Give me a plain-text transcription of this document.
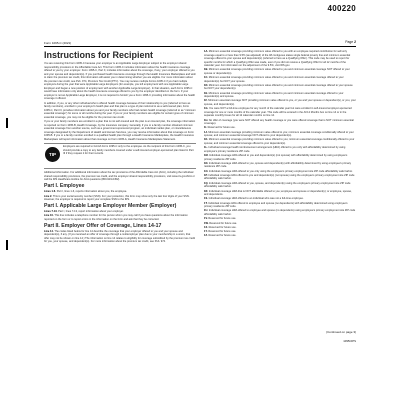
400220
Form 1095-C (2021)	Page 2
Instructions for Recipient
You are receiving this Form 1095-C because your employer is an Applicable Large Employer subject to the employer shared responsibility provisions in the Affordable Care Act. This Form 1095-C includes information about the health insurance coverage offered to you by your employer. Form 1095-C, Part II, includes information about the coverage, if any, your employer offered to you and your spouse and dependent(s). If you purchased health insurance coverage through the Health Insurance Marketplace and wish to claim the premium tax credit, this information will assist you in determining whether you are eligible. For more information about the premium tax credit, see Pub. 974, Premium Tax Credit (PTC). You may receive multiple Forms 1095-C if you had multiple employers during the year that were Applicable Large Employers (for example, you left employment with one Applicable Large Employer and began a new position of employment with another Applicable Large Employer). In that situation, each Form 1095-C would have information only about the health insurance coverage offered to you by the employer identified on the form. If your employer is not an Applicable Large Employer, it is not required to furnish you a Form 1095-C providing information about the health coverage it offered.
In addition, if you, or any other individual who is offered health coverage because of their relationship to you (referred to here as family members), enrolled in your employer's health plan and that plan is a type of plan referred to as a self-insured plan, Form 1095-C, Part III, provides information about you and your family members who had certain health coverage (referred to as "minimum essential coverage") for some or all months during the year. If you or your family members are eligible for certain types of minimum essential coverage, you may not be eligible for the premium tax credit.
If you or your family members are enrolled in a plan that is not self-insured and the plan is an insured plan, the coverage information is reported on Form 1095-B, Health Coverage, by the insurance company. Generally, if you or a family member obtained minimum essential coverage from another source, such as a government-sponsored program, an individual market plan, or miscellaneous coverage designated by the Department of Health and Human Services, you may receive information about that coverage on Form 1095-B. If you or a family member enrolled in a qualified health plan through a Health Insurance Marketplace, the Health Insurance Marketplace will report information about that coverage on Form 1095-A, Health Insurance Marketplace Statement.
TIP
Employers are required to furnish Form 1095-C only to the employee. As the recipient of this Form 1095-C, you should provide a copy to any family members covered under a self-insured employer-sponsored plan listed in Part III if they request it for their records.
Additional information. For additional information about the tax provisions of the Affordable Care Act (ACA), including the individual shared responsibility provisions, the premium tax credit, and the employer shared responsibility provisions, visit www.irs.gov/ACA or call the IRS Healthcare Hotline for ACA questions (800-919-0452).
Part I. Employee
Lines 1-6. Part I, lines 1-6, reports information about you, the employee.
Line 2. This is your social security number (SSN). For your protection, this form may show only the last four digits of your SSN. However, the employer is required to report your complete SSN to the IRS.
Part I. Applicable Large Employer Member (Employer)
Lines 7-13. Part I, lines 7-13, report information about your employer.
Line 10. This line includes a telephone number for the person whom you may call if you have questions about the information reported on the form or to report errors in the information on the form and ask that they be corrected.
Part II. Employer Offer of Coverage, Lines 14-17
Line 14. The codes listed below for line 14 describe the coverage that your employer offered to you and your spouse and dependent(s), if any. (If you received an offer of coverage through a multiemployer plan due to your membership in a union, that offer may not be shown on line 14.) The information on line 14 relates to eligibility for coverage subsidized by the premium tax credit for you, your spouse, and dependent(s). For more information about the premium tax credit, see Pub. 974.
1A. Minimum essential coverage providing minimum value offered to you with an employee required contribution for self-only coverage equal to or less than 9.5% (as adjusted) of the 48 contiguous states single federal poverty line and minimum essential coverage offered to your spouse and dependent(s) (referred to here as a Qualifying Offer). This code may be used to report for specific months for which a Qualifying Offer was made, even if you did not receive a Qualifying Offer for all 12 months of the calendar year. For information on the adjustment of the 9.5%, visit IRS.gov.
1B. Minimum essential coverage providing minimum value offered to you and minimum essential coverage NOT offered to your spouse or dependent(s).
1C. Minimum essential coverage providing minimum value offered to you and minimum essential coverage offered to your dependent(s) but NOT your spouse.
1D. Minimum essential coverage providing minimum value offered to you and minimum essential coverage offered to your spouse but NOT your dependent(s).
1E. Minimum essential coverage providing minimum value offered to you and minimum essential coverage offered to your dependent(s) and spouse.
1F. Minimum essential coverage NOT providing minimum value offered to you, or you and your spouse or dependent(s), or you, your spouse, and dependent(s).
1G. You were NOT a full-time employee for any month of the calendar year but were enrolled in self-insured employer-sponsored coverage for one or more months of the calendar year. This code will be entered in the All 12 Months box on line 14 or in the separate monthly boxes for all 12 calendar months on line 14.
1H. No offer of coverage (you were NOT offered any health coverage or you were offered coverage that is NOT minimum essential coverage).
1I. Reserved for future use.
1J. Minimum essential coverage providing minimum value offered to you; minimum essential coverage conditionally offered to your spouse; and minimum essential coverage NOT offered to your dependent(s).
1K. Minimum essential coverage providing minimum value offered to you; minimum essential coverage conditionally offered to your spouse; and minimum essential coverage offered to your dependent(s).
1L. Individual coverage health reimbursement arrangement (HRA) offered to you only with affordability determined by using employee's primary residence ZIP code.
1M. Individual coverage HRA offered to you and dependent(s) (not spouse) with affordability determined by using employee's primary residence ZIP code.
1N. Individual coverage HRA offered to you, spouse and dependent(s) with affordability determined by using employee's primary residence ZIP code.
1O. Individual coverage HRA offered to you only using the employee's primary employment site ZIP code affordability safe harbor.
1P. Individual coverage HRA offered to you and dependent(s) (not spouse) using the employee's primary employment site ZIP code affordability safe harbor.
1Q. Individual coverage HRA offered to you, spouse, and dependent(s) using the employee's primary employment site ZIP code affordability safe harbor.
1R. Individual coverage HRA that is NOT affordable offered to you; employee and spouse or dependent(s); or employee, spouse, and dependents.
1S. Individual coverage HRA offered to an individual who was not a full-time employee.
1T. Individual coverage HRA offered to employee and spouse (no dependents) with affordability determined using employee's primary residence ZIP code.
1U. Individual coverage HRA offered to employee and spouse (no dependents) using employee's primary employment site ZIP code affordability safe harbor.
1V. Reserved for future use.
1W. Reserved for future use.
1X. Reserved for future use.
1Y. Reserved for future use.
1Z. Reserved for future use.
(Continued on page 3)
1095CIPS
